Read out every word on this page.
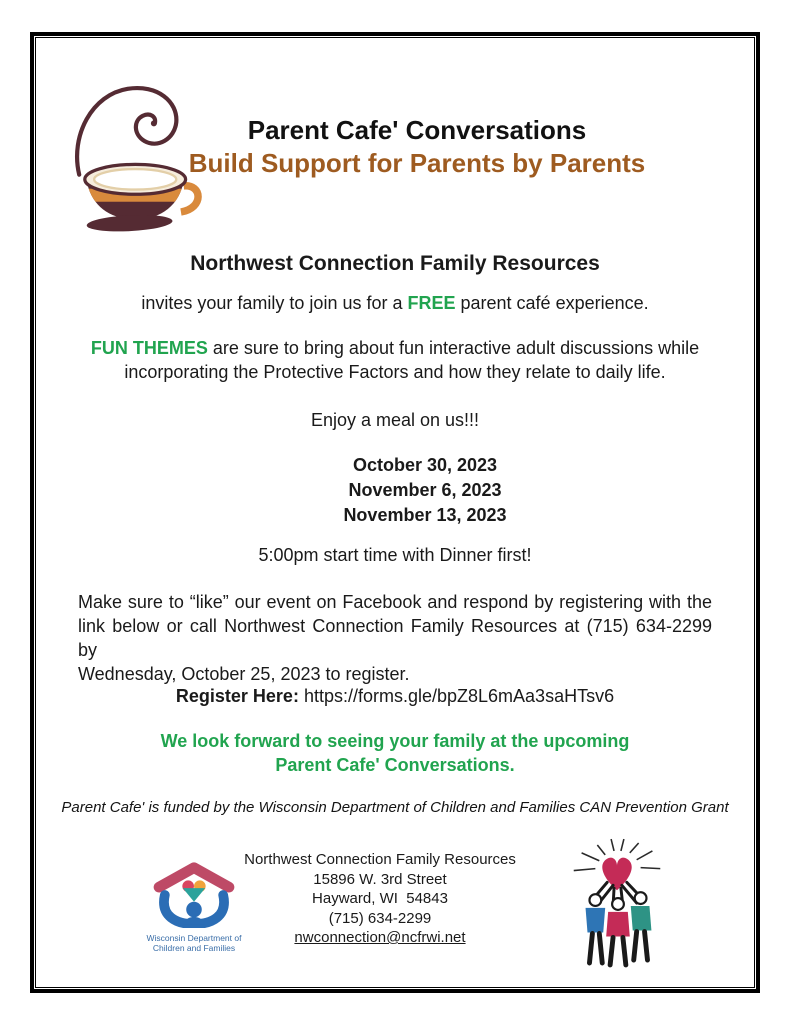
Parent Cafe' Conversations
Build Support for Parents by Parents
Northwest Connection Family Resources
invites your family to join us for a FREE parent café experience.
FUN THEMES are sure to bring about fun interactive adult discussions while
incorporating the Protective Factors and how they relate to daily life.
Enjoy a meal on us!!!
October 30, 2023
November 6, 2023
November 13, 2023
5:00pm start time with Dinner first!
Make sure to “like” our event on Facebook and respond by registering with the
link below or call Northwest Connection Family Resources at (715) 634-2299 by
Wednesday, October 25, 2023 to register.
Register Here: https://forms.gle/bpZ8L6mAa3saHTsv6
We look forward to seeing your family at the upcoming
Parent Cafe' Conversations.
Parent Cafe' is funded by the Wisconsin Department of Children and Families CAN Prevention Grant
Wisconsin Department of
Children and Families
Northwest Connection Family Resources
15896 W. 3rd Street
Hayward, WI  54843
(715) 634-2299
nwconnection@ncfrwi.net
